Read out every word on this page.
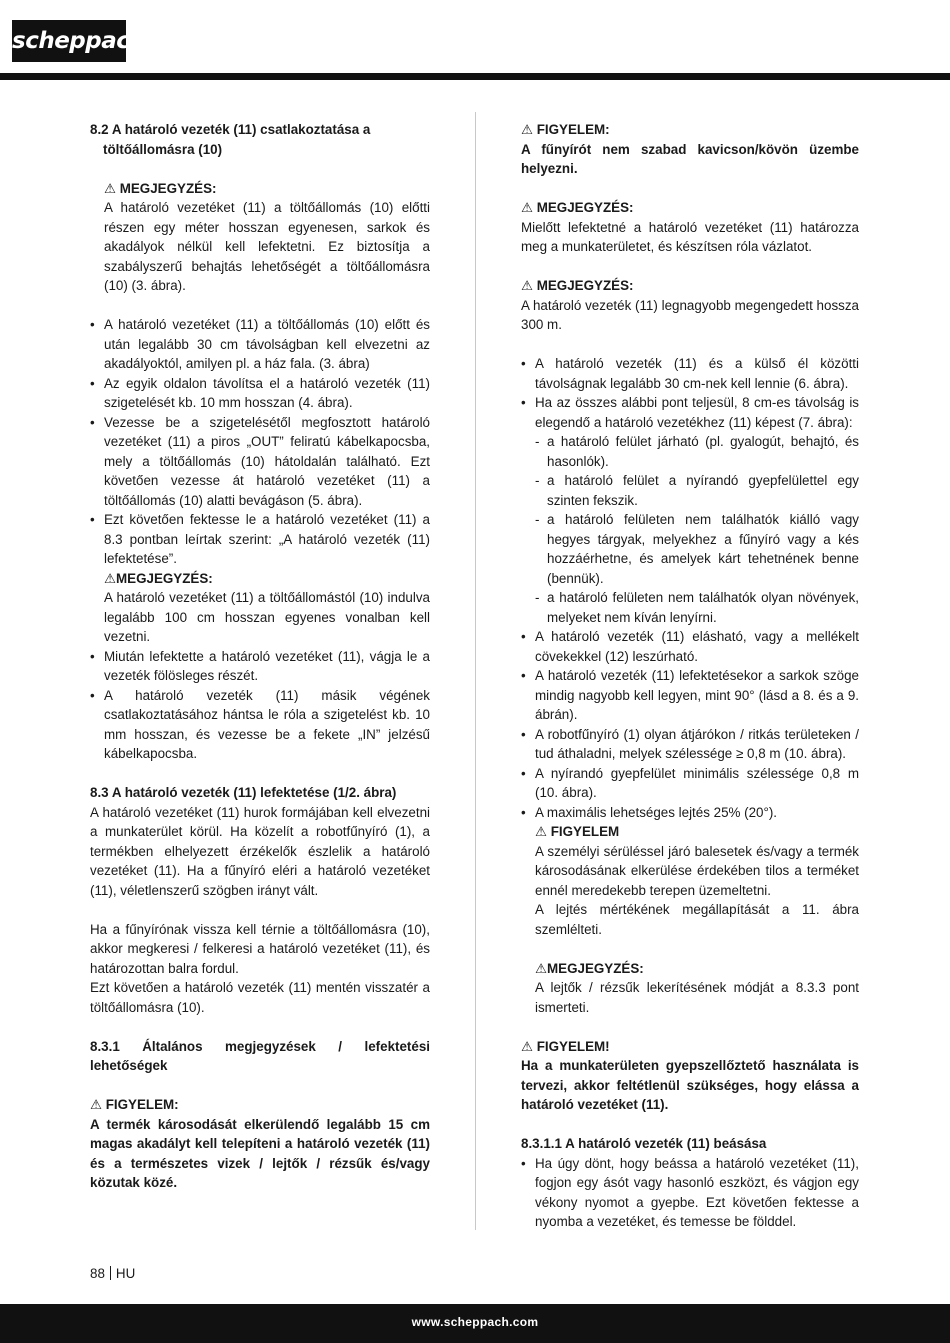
scheppach

8.2 A határoló vezeték (11) csatlakoztatása a töltőállomásra (10)

⚠ MEGJEGYZÉS:

A határoló vezetéket (11) a töltőállomás (10) előtti részen egy méter hosszan egyenesen, sarkok és akadályok nélkül kell lefektetni. Ez biztosítja a szabályszerű behajtás lehetőségét a töltőállomásra (10) (3. ábra).

• A határoló vezetéket (11) a töltőállomás (10) előtt és után legalább 30 cm távolságban kell elvezetni az akadályoktól, amilyen pl. a ház fala. (3. ábra)

• Az egyik oldalon távolítsa el a határoló vezeték (11) szigetelését kb. 10 mm hosszan (4. ábra).

• Vezesse be a szigetelésétől megfosztott határoló vezetéket (11) a piros „OUT” feliratú kábelkapocsba, mely a töltőállomás (10) hátoldalán található. Ezt követően vezesse át határoló vezetéket (11) a töltőállomás (10) alatti bevágáson (5. ábra).

• Ezt követően fektesse le a határoló vezetéket (11) a 8.3 pontban leírtak szerint: „A határoló vezeték (11) lefektetése”.

⚠MEGJEGYZÉS:

A határoló vezetéket (11) a töltőállomástól (10) indulva legalább 100 cm hosszan egyenes vonalban kell vezetni.

• Miután lefektette a határoló vezetéket (11), vágja le a vezeték fölösleges részét.

• A határoló vezeték (11) másik végének csatlakoztatásához hántsa le róla a szigetelést kb. 10 mm hosszan, és vezesse be a fekete „IN” jelzésű kábelkapocsba.

8.3 A határoló vezeték (11) lefektetése (1/2. ábra)

A határoló vezetéket (11) hurok formájában kell elvezetni a munkaterület körül. Ha közelít a robotfűnyíró (1), a termékben elhelyezett érzékelők észlelik a határoló vezetéket (11). Ha a fűnyíró eléri a határoló vezetéket (11), véletlenszerű szögben irányt vált.

Ha a fűnyírónak vissza kell térnie a töltőállomásra (10), akkor megkeresi / felkeresi a határoló vezetéket (11), és határozottan balra fordul.

Ezt követően a határoló vezeték (11) mentén visszatér a töltőállomásra (10).

8.3.1 Általános megjegyzések / lefektetési lehetőségek

⚠ FIGYELEM:

A termék károsodását elkerülendő legalább 15 cm magas akadályt kell telepíteni a határoló vezeték (11) és a természetes vizek / lejtők / rézsűk és/vagy közutak közé.

⚠ FIGYELEM:

A fűnyírót nem szabad kavicson/kövön üzembe helyezni.

⚠ MEGJEGYZÉS:

Mielőtt lefektetné a határoló vezetéket (11) határozza meg a munkaterületet, és készítsen róla vázlatot.

⚠ MEGJEGYZÉS:

A határoló vezeték (11) legnagyobb megengedett hossza 300 m.

• A határoló vezeték (11) és a külső él közötti távolságnak legalább 30 cm-nek kell lennie (6. ábra).

• Ha az összes alábbi pont teljesül, 8 cm-es távolság is elegendő a határoló vezetékhez (11) képest (7. ábra):

- a határoló felület járható (pl. gyalogút, behajtó, és hasonlók).

- a határoló felület a nyírandó gyepfelülettel egy szinten fekszik.

- a határoló felületen nem találhatók kiálló vagy hegyes tárgyak, melyekhez a fűnyíró vagy a kés hozzáérhetne, és amelyek kárt tehetnének benne (bennük).

- a határoló felületen nem találhatók olyan növények, melyeket nem kíván lenyírni.

• A határoló vezeték (11) elásható, vagy a mellékelt cövekekkel (12) leszúrható.

• A határoló vezeték (11) lefektetésekor a sarkok szöge mindig nagyobb kell legyen, mint 90° (lásd a 8. és a 9. ábrán).

• A robotfűnyíró (1) olyan átjárókon / ritkás területeken / tud áthaladni, melyek szélessége ≥ 0,8 m (10. ábra).

• A nyírandó gyepfelület minimális szélessége 0,8 m (10. ábra).

• A maximális lehetséges lejtés 25% (20°).

⚠ FIGYELEM

A személyi sérüléssel járó balesetek és/vagy a termék károsodásának elkerülése érdekében tilos a terméket ennél meredekebb terepen üzemeltetni.

A lejtés mértékének megállapítását a 11. ábra szemlélteti.

⚠MEGJEGYZÉS:

A lejtők / rézsűk lekerítésének módját a 8.3.3 pont ismerteti.

⚠ FIGYELEM!

Ha a munkaterületen gyepszellőztető használata is tervezi, akkor feltétlenül szükséges, hogy elássa a határoló vezetéket (11).

8.3.1.1 A határoló vezeték (11) beásása

• Ha úgy dönt, hogy beássa a határoló vezetéket (11), fogjon egy ásót vagy hasonló eszközt, és vágjon egy vékony nyomot a gyepbe. Ezt követően fektesse a nyomba a vezetéket, és temesse be földdel.

88 HU
www.scheppach.com
